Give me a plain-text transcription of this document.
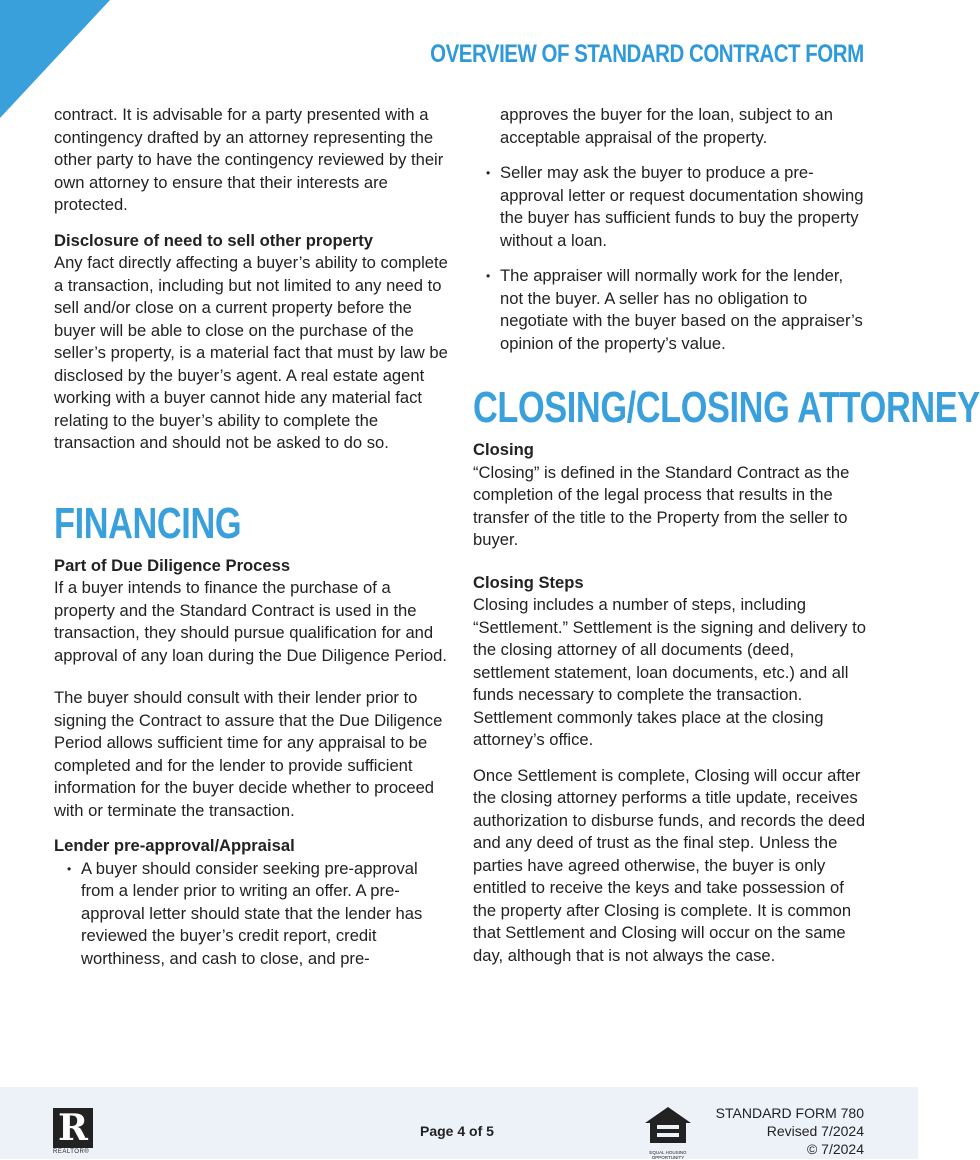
OVERVIEW OF STANDARD CONTRACT FORM

contract. It is advisable for a party presented with a contingency drafted by an attorney representing the other party to have the contingency reviewed by their own attorney to ensure that their interests are protected.

Disclosure of need to sell other property

Any fact directly affecting a buyer’s ability to complete a transaction, including but not limited to any need to sell and/or close on a current property before the buyer will be able to close on the purchase of the seller’s property, is a material fact that must by law be disclosed by the buyer’s agent. A real estate agent working with a buyer cannot hide any material fact relating to the buyer’s ability to complete the transaction and should not be asked to do so.

FINANCING
Part of Due Diligence Process

If a buyer intends to finance the purchase of a property and the Standard Contract is used in the transaction, they should pursue qualification for and approval of any loan during the Due Diligence Period.

The buyer should consult with their lender prior to signing the Contract to assure that the Due Diligence Period allows sufficient time for any appraisal to be completed and for the lender to provide sufficient information for the buyer decide whether to proceed with or terminate the transaction.

Lender pre-approval/Appraisal
• A buyer should consider seeking pre-approval from a lender prior to writing an offer. A pre-approval letter should state that the lender has reviewed the buyer’s credit report, credit worthiness, and cash to close, and pre-

approves the buyer for the loan, subject to an acceptable appraisal of the property.

• Seller may ask the buyer to produce a pre-approval letter or request documentation showing the buyer has sufficient funds to buy the property without a loan.
• The appraiser will normally work for the lender, not the buyer. A seller has no obligation to negotiate with the buyer based on the appraiser’s opinion of the property’s value.
CLOSING/CLOSING ATTORNEY
Closing

“Closing” is defined in the Standard Contract as the completion of the legal process that results in the transfer of the title to the Property from the seller to buyer.

Closing Steps

Closing includes a number of steps, including “Settlement.” Settlement is the signing and delivery to the closing attorney of all documents (deed, settlement statement, loan documents, etc.) and all funds necessary to complete the transaction. Settlement commonly takes place at the closing attorney’s office.

Once Settlement is complete, Closing will occur after the closing attorney performs a title update, receives authorization to disburse funds, and records the deed and any deed of trust as the final step. Unless the parties have agreed otherwise, the buyer is only entitled to receive the keys and take possession of the property after Closing is complete. It is common that Settlement and Closing will occur on the same day, although that is not always the case.

R
REALTOR®
Page 4 of 5
EQUAL HOUSING
OPPORTUNITY
STANDARD FORM 780
Revised 7/2024
© 7/2024
